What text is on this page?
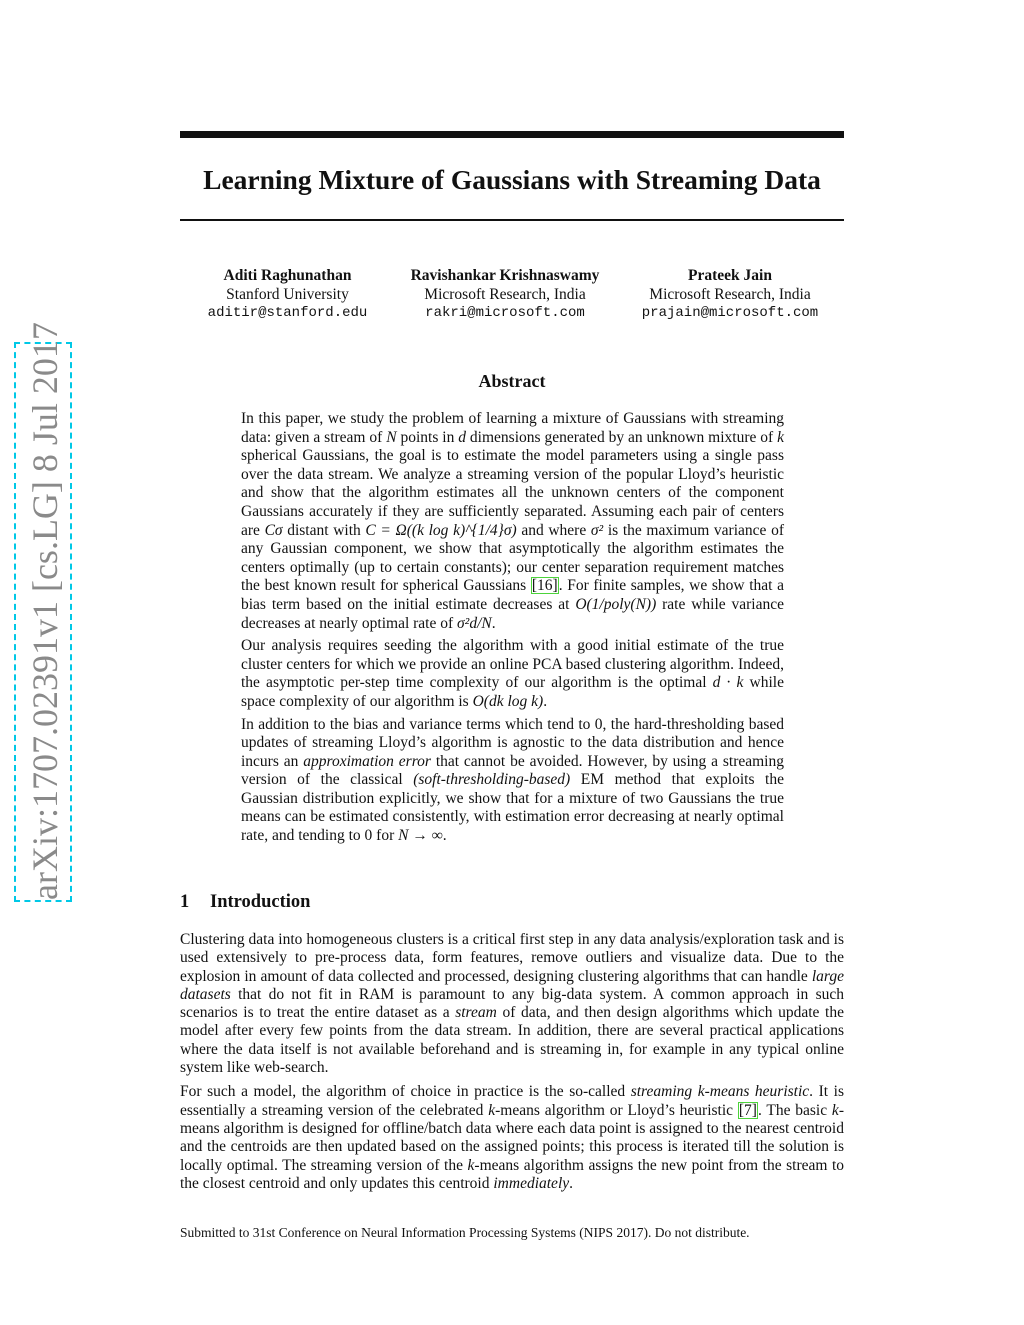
arXiv:1707.02391v1 [cs.LG] 8 Jul 2017
Learning Mixture of Gaussians with Streaming Data
Aditi Raghunathan
Stanford University
aditir@stanford.edu
Ravishankar Krishnaswamy
Microsoft Research, India
rakri@microsoft.com
Prateek Jain
Microsoft Research, India
prajain@microsoft.com
Abstract

In this paper, we study the problem of learning a mixture of Gaussians with streaming data: given a stream of N points in d dimensions generated by an unknown mixture of k spherical Gaussians, the goal is to estimate the model parameters using a single pass over the data stream. We analyze a streaming version of the popular Lloyd’s heuristic and show that the algorithm estimates all the unknown centers of the component Gaussians accurately if they are sufficiently separated. Assuming each pair of centers are Cσ distant with C = Ω((k log k)^{1/4}σ) and where σ² is the maximum variance of any Gaussian component, we show that asymptotically the algorithm estimates the centers optimally (up to certain constants); our center separation requirement matches the best known result for spherical Gaussians [16]. For finite samples, we show that a bias term based on the initial estimate decreases at O(1/poly(N)) rate while variance decreases at nearly optimal rate of σ²d/N.

Our analysis requires seeding the algorithm with a good initial estimate of the true cluster centers for which we provide an online PCA based clustering algorithm. Indeed, the asymptotic per-step time complexity of our algorithm is the optimal d · k while space complexity of our algorithm is O(dk log k).

In addition to the bias and variance terms which tend to 0, the hard-thresholding based updates of streaming Lloyd’s algorithm is agnostic to the data distribution and hence incurs an approximation error that cannot be avoided. However, by using a streaming version of the classical (soft-thresholding-based) EM method that exploits the Gaussian distribution explicitly, we show that for a mixture of two Gaussians the true means can be estimated consistently, with estimation error decreasing at nearly optimal rate, and tending to 0 for N → ∞.

1 Introduction

Clustering data into homogeneous clusters is a critical first step in any data analysis/exploration task and is used extensively to pre-process data, form features, remove outliers and visualize data. Due to the explosion in amount of data collected and processed, designing clustering algorithms that can handle large datasets that do not fit in RAM is paramount to any big-data system. A common approach in such scenarios is to treat the entire dataset as a stream of data, and then design algorithms which update the model after every few points from the data stream. In addition, there are several practical applications where the data itself is not available beforehand and is streaming in, for example in any typical online system like web-search.

For such a model, the algorithm of choice in practice is the so-called streaming k-means heuristic. It is essentially a streaming version of the celebrated k-means algorithm or Lloyd’s heuristic [7]. The basic k-means algorithm is designed for offline/batch data where each data point is assigned to the nearest centroid and the centroids are then updated based on the assigned points; this process is iterated till the solution is locally optimal. The streaming version of the k-means algorithm assigns the new point from the stream to the closest centroid and only updates this centroid immediately.

Submitted to 31st Conference on Neural Information Processing Systems (NIPS 2017). Do not distribute.
